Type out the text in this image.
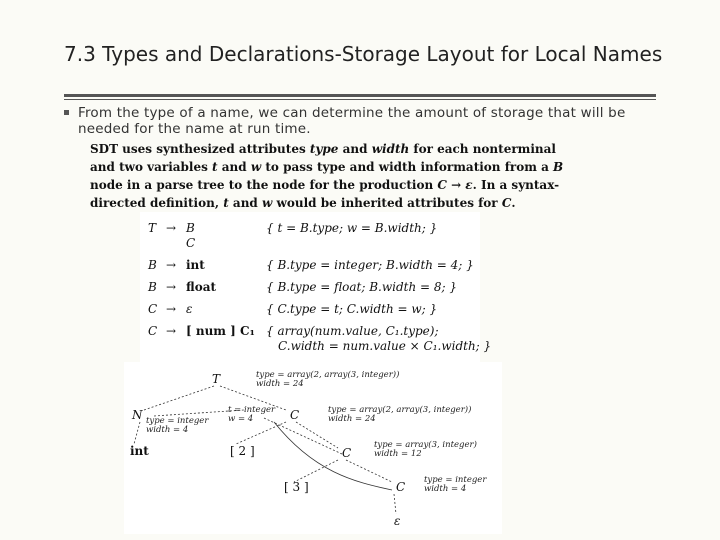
7.3 Types and Declarations-Storage Layout for Local Names
From the type of a name, we can determine the amount of storage that will be needed for the name at run time.

SDT uses synthesized attributes type and width for each nonterminal and two variables t and w to pass type and width information from a B node in a parse tree to the node for the production C → ε. In a syntax-directed definition, t and w would be inherited attributes for C.

T → B	{ t = B.type; w = B.width; }
C
B → int	{ B.type = integer; B.width = 4; }
B → float	{ B.type = float; B.width = 8; }
C → ε	{ C.type = t; C.width = w; }
C → [ num ] C₁ { array(num.value, C₁.type);
C.width = num.value × C₁.width; }
T	type = array(2, array(3, integer))
width = 24
N type = integer
width = 4
t = integer
w = 4	C	type = array(2, array(3, integer))
width = 24
int	[ 2 ]	C
type = array(3, integer)
width = 12
[ 3 ]	C type = integer
width = 4
ε
